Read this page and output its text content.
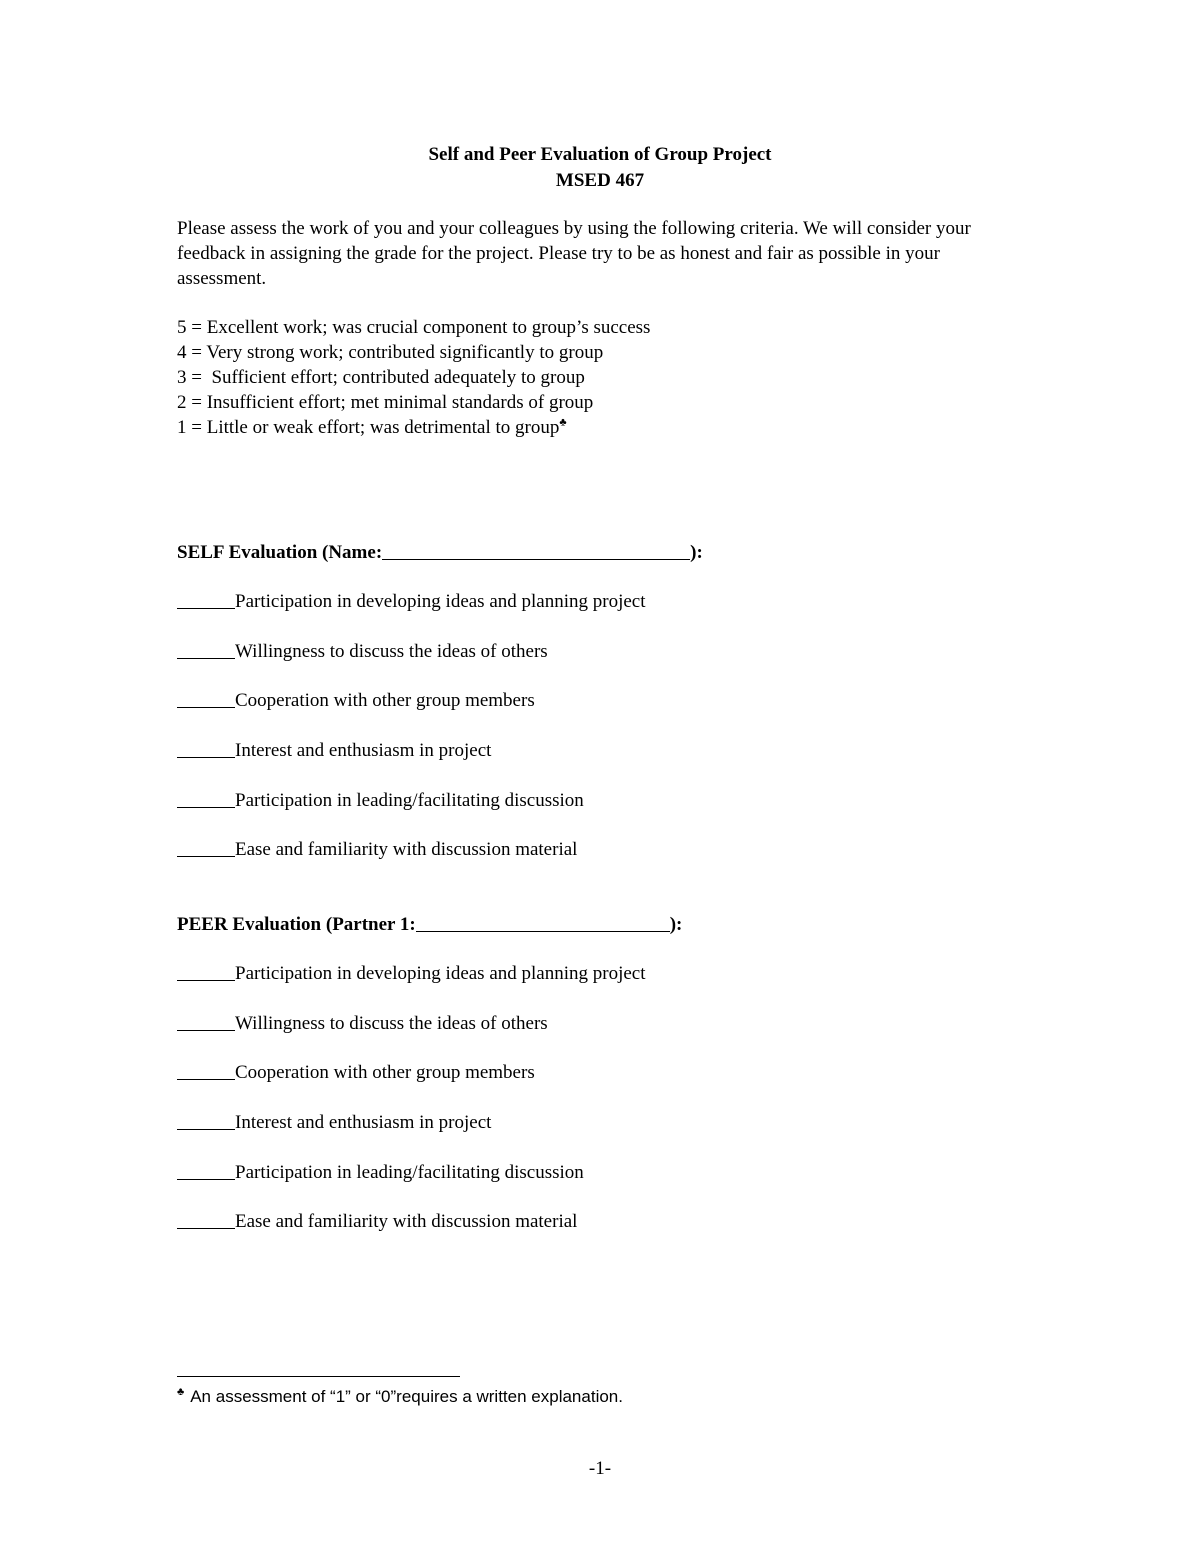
Self and Peer Evaluation of Group Project
MSED 467

Please assess the work of you and your colleagues by using the following criteria. We will consider your feedback in assigning the grade for the project. Please try to be as honest and fair as possible in your assessment.

5 = Excellent work; was crucial component to group’s success
4 = Very strong work; contributed significantly to group
3 =  Sufficient effort; contributed adequately to group
2 = Insufficient effort; met minimal standards of group
1 = Little or weak effort; was detrimental to group♣
SELF Evaluation (Name:	):
Participation in developing ideas and planning project
Willingness to discuss the ideas of others
Cooperation with other group members
Interest and enthusiasm in project
Participation in leading/facilitating discussion
Ease and familiarity with discussion material
PEER Evaluation (Partner 1:	):
Participation in developing ideas and planning project
Willingness to discuss the ideas of others
Cooperation with other group members
Interest and enthusiasm in project
Participation in leading/facilitating discussion
Ease and familiarity with discussion material
♣ An assessment of “1” or “0”requires a written explanation.
-1-
